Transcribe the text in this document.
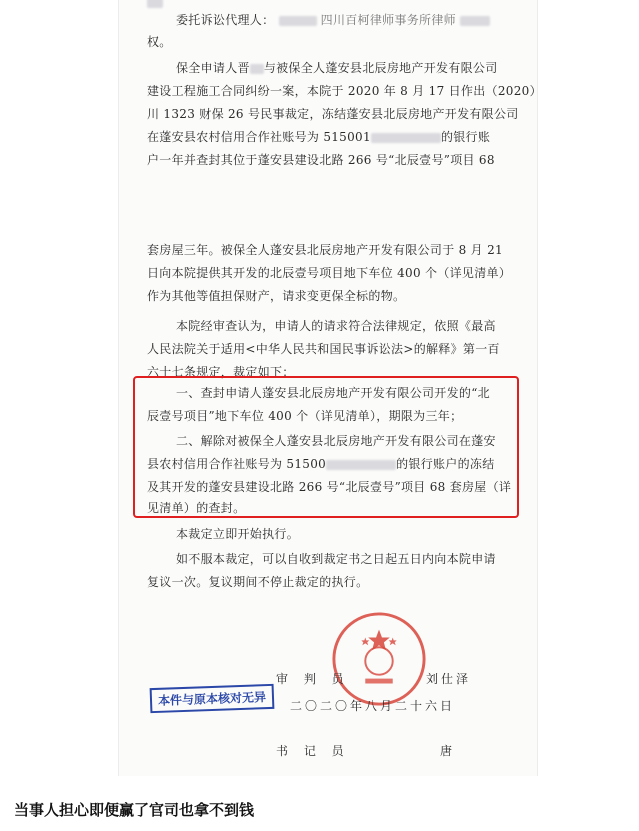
委托诉讼代理人：	四川百柯律师事务所律师
权。
保全申请人晋 与被保全人蓬安县北辰房地产开发有限公司
建设工程施工合同纠纷一案，本院于 2020 年 8 月 17 日作出（2020）
川 1323 财保 26 号民事裁定，冻结蓬安县北辰房地产开发有限公司
在蓬安县农村信用合作社账号为 515001	的银行账
户一年并查封其位于蓬安县建设北路 266 号“北辰壹号”项目 68
套房屋三年。被保全人蓬安县北辰房地产开发有限公司于 8 月 21
日向本院提供其开发的北辰壹号项目地下车位 400 个（详见清单）
作为其他等值担保财产，请求变更保全标的物。
本院经审查认为，申请人的请求符合法律规定，依照《最高
人民法院关于适用<中华人民共和国民事诉讼法>的解释》第一百
六十七条规定，裁定如下：
一、查封申请人蓬安县北辰房地产开发有限公司开发的“北
辰壹号项目”地下车位 400 个（详见清单），期限为三年；
二、解除对被保全人蓬安县北辰房地产开发有限公司在蓬安
县农村信用合作社账号为 51500	的银行账户的冻结
及其开发的蓬安县建设北路 266 号“北辰壹号”项目 68 套房屋（详
见清单）的查封。
本裁定立即开始执行。
如不服本裁定，可以自收到裁定书之日起五日内向本院申请
复议一次。复议期间不停止裁定的执行。
审 判 员	刘仕泽
本件与原本核对无异	二〇二〇年八月二十六日
书 记 员	唐
当事人担心即便赢了官司也拿不到钱
